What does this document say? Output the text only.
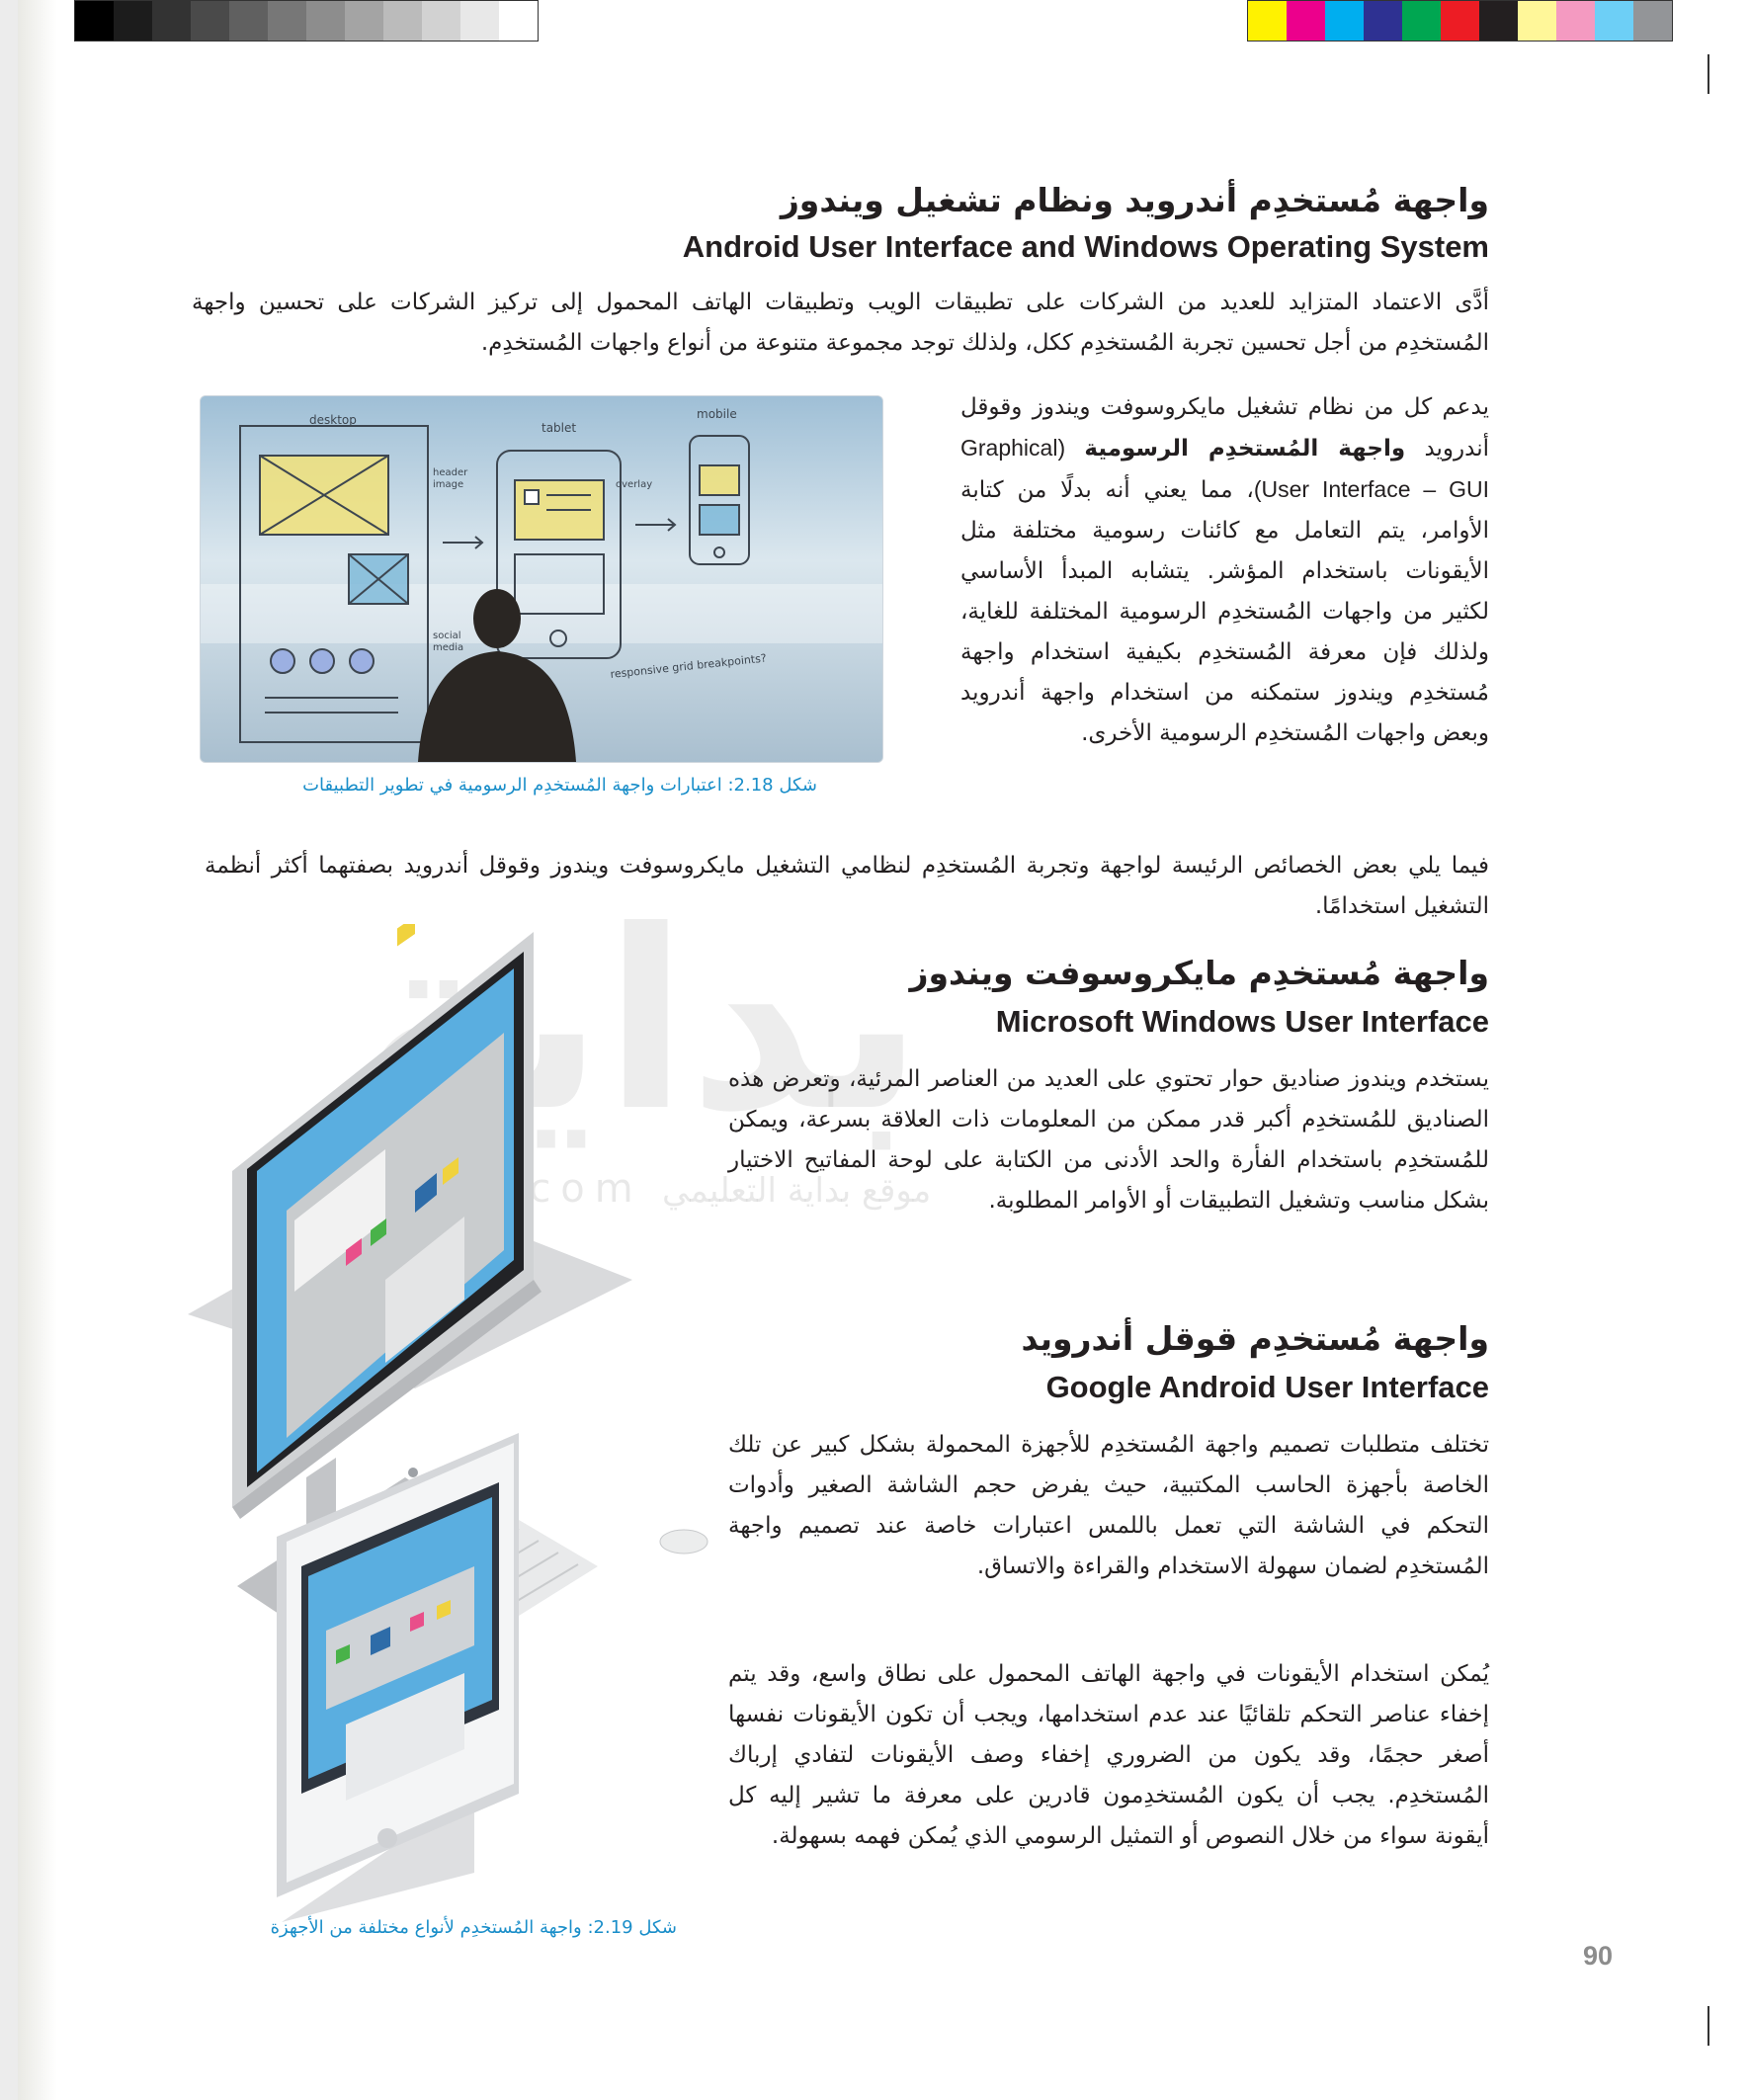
بداية
موقع بداية التعليمي
واجهة مُستخدِم أندرويد ونظام تشغيل ويندوز
Android User Interface and Windows Operating System
أدَّى الاعتماد المتزايد للعديد من الشركات على تطبيقات الويب وتطبيقات الهاتف المحمول إلى تركيز الشركات على تحسين واجهة المُستخدِم من أجل تحسين تجربة المُستخدِم ككل، ولذلك توجد مجموعة متنوعة من أنواع واجهات المُستخدِم.
يدعم كل من نظام تشغيل مايكروسوفت ويندوز وقوقل أندرويد واجهة المُستخدِم الرسومية (Graphical User Interface – GUI)، مما يعني أنه بدلًا من كتابة الأوامر، يتم التعامل مع كائنات رسومية مختلفة مثل الأيقونات باستخدام المؤشر. يتشابه المبدأ الأساسي لكثير من واجهات المُستخدِم الرسومية المختلفة للغاية، ولذلك فإن معرفة المُستخدِم بكيفية استخدام واجهة مُستخدِم ويندوز ستمكنه من استخدام واجهة أندرويد وبعض واجهات المُستخدِم الرسومية الأخرى.
desktop
header
image
social
media
tablet
overlay
mobile
responsive grid breakpoints?
شكل 2.18: اعتبارات واجهة المُستخدِم الرسومية في تطوير التطبيقات
فيما يلي بعض الخصائص الرئيسة لواجهة وتجربة المُستخدِم لنظامي التشغيل مايكروسوفت ويندوز وقوقل أندرويد بصفتهما أكثر أنظمة التشغيل استخدامًا.
واجهة مُستخدِم مايكروسوفت ويندوز
Microsoft Windows User Interface
يستخدم ويندوز صناديق حوار تحتوي على العديد من العناصر المرئية، وتعرض هذه الصناديق للمُستخدِم أكبر قدر ممكن من المعلومات ذات العلاقة بسرعة، ويمكن للمُستخدِم باستخدام الفأرة والحد الأدنى من الكتابة على لوحة المفاتيح الاختيار بشكل مناسب وتشغيل التطبيقات أو الأوامر المطلوبة.
واجهة مُستخدِم قوقل أندرويد
Google Android User Interface
تختلف متطلبات تصميم واجهة المُستخدِم للأجهزة المحمولة بشكل كبير عن تلك الخاصة بأجهزة الحاسب المكتبية، حيث يفرض حجم الشاشة الصغير وأدوات التحكم في الشاشة التي تعمل باللمس اعتبارات خاصة عند تصميم واجهة المُستخدِم لضمان سهولة الاستخدام والقراءة والاتساق.
يُمكن استخدام الأيقونات في واجهة الهاتف المحمول على نطاق واسع، وقد يتم إخفاء عناصر التحكم تلقائيًا عند عدم استخدامها، ويجب أن تكون الأيقونات نفسها أصغر حجمًا، وقد يكون من الضروري إخفاء وصف الأيقونات لتفادي إرباك المُستخدِم. يجب أن يكون المُستخدِمون قادرين على معرفة ما تشير إليه كل أيقونة سواء من خلال النصوص أو التمثيل الرسومي الذي يُمكن فهمه بسهولة.
شكل 2.19: واجهة المُستخدِم لأنواع مختلفة من الأجهزة
90
